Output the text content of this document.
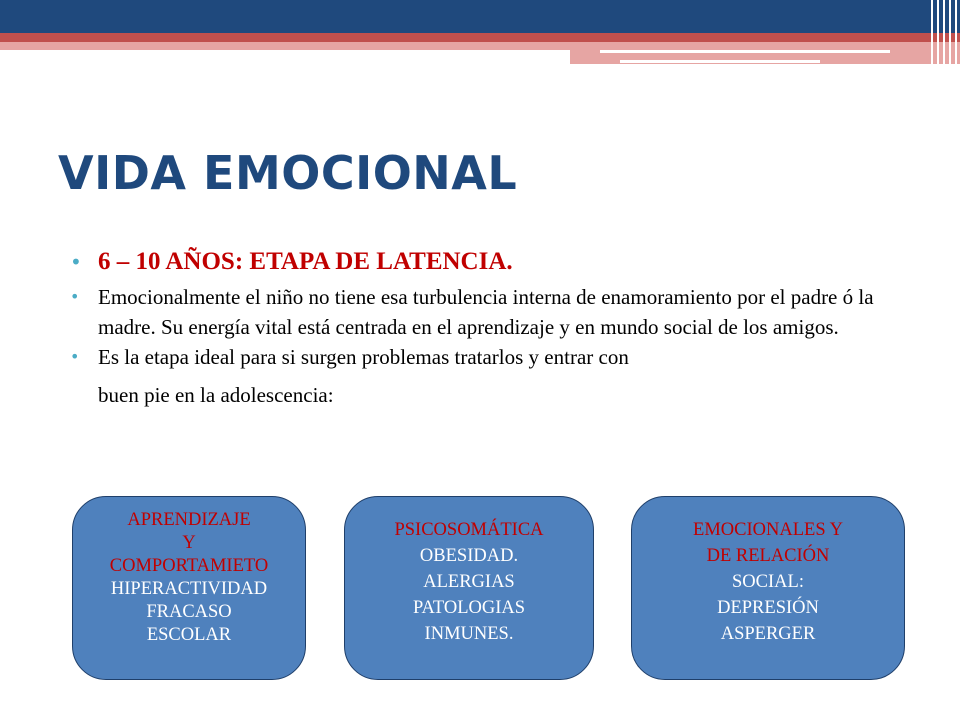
VIDA EMOCIONAL
• 6 – 10 AÑOS: ETAPA DE LATENCIA.
• Emocionalmente el niño no tiene esa turbulencia interna de enamoramiento por el padre ó la madre. Su energía vital está centrada en el aprendizaje y en mundo social de los amigos.
• Es la etapa ideal para si surgen problemas tratarlos y entrar con
buen pie en la adolescencia:
APRENDIZAJE
Y
COMPORTAMIETO
HIPERACTIVIDAD
FRACASO
ESCOLAR
PSICOSOMÁTICA
OBESIDAD.
ALERGIAS
PATOLOGIAS
INMUNES.
EMOCIONALES Y
DE RELACIÓN
SOCIAL:
DEPRESIÓN
ASPERGER
